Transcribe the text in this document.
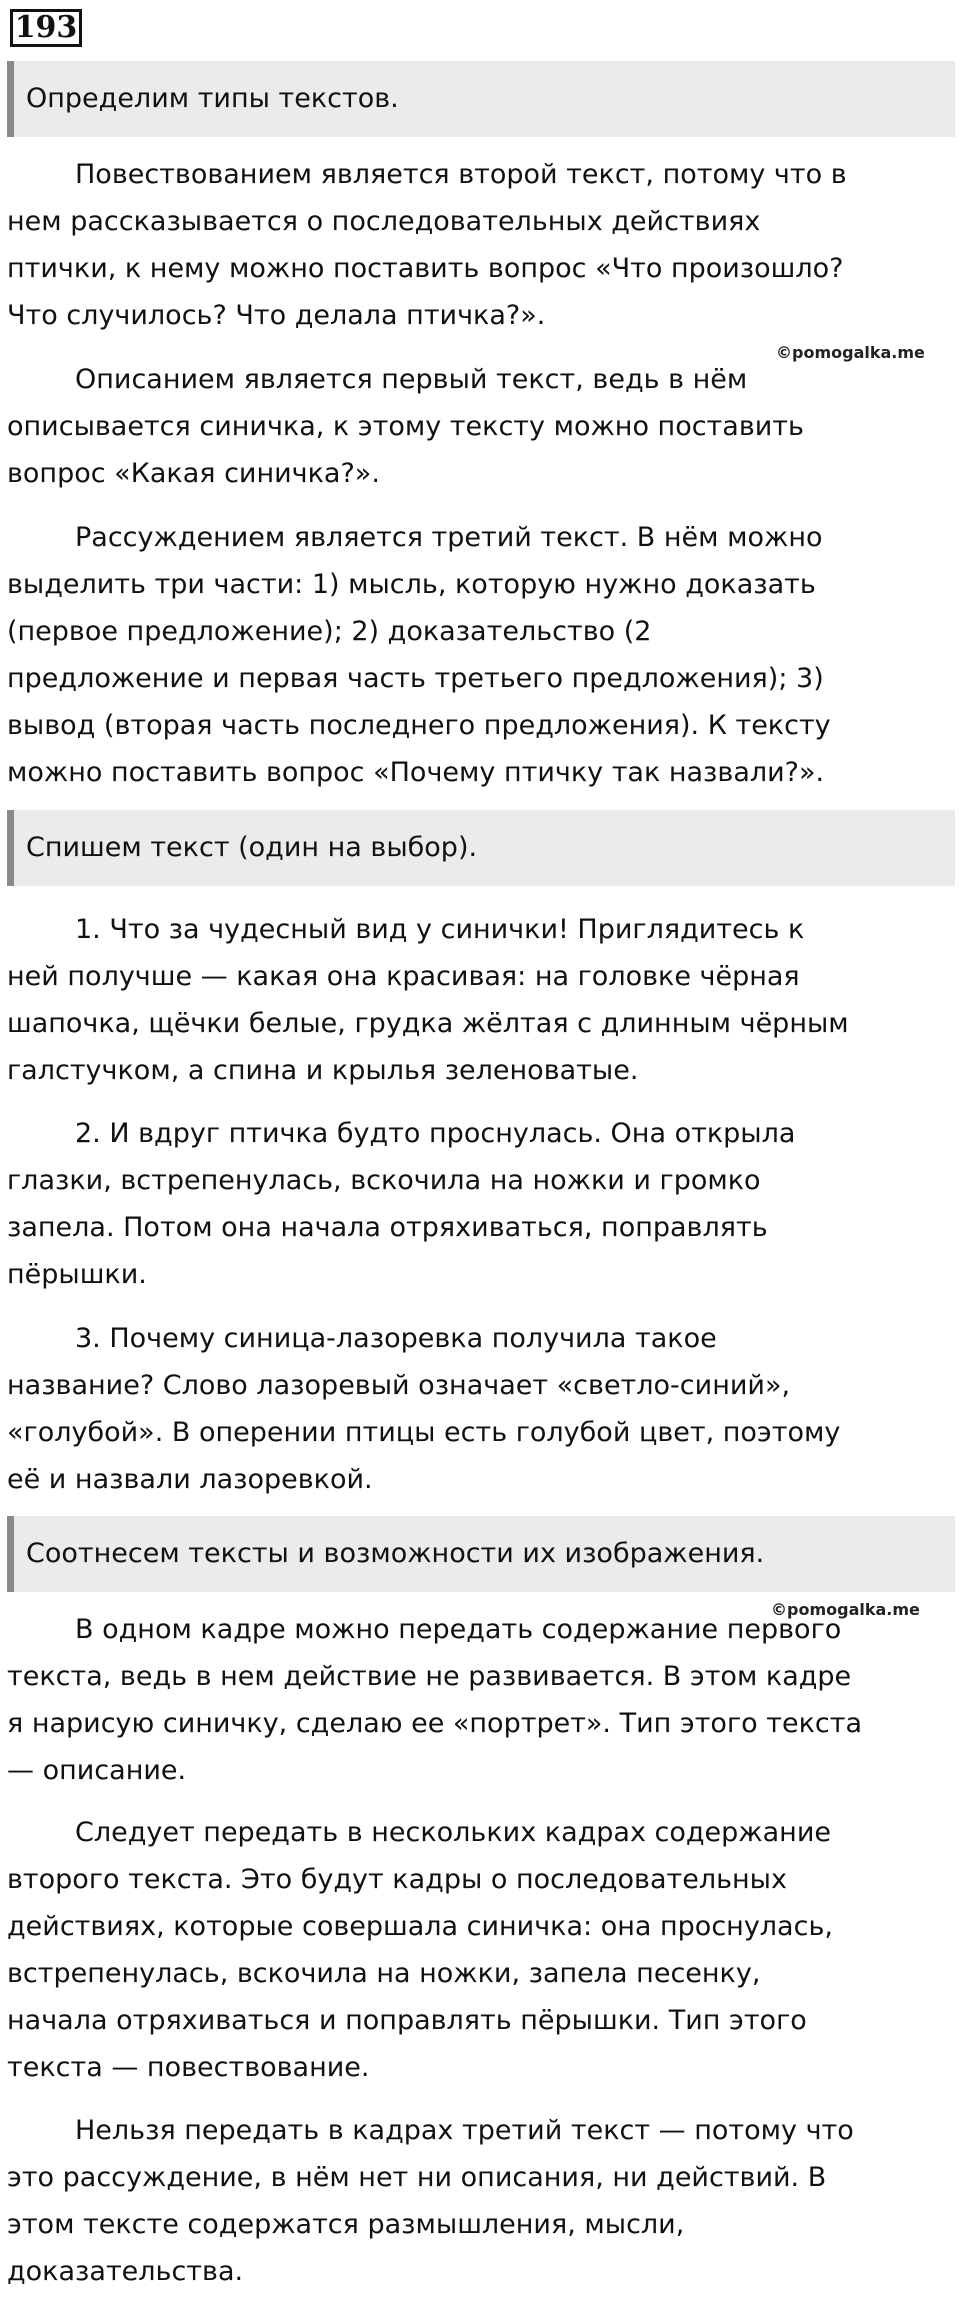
193
Определим типы текстов.

Повествованием является второй текст, потому что в
нем рассказывается о последовательных действиях
птички, к нему можно поставить вопрос «Что произошло?
Что случилось? Что делала птичка?».

©pomogalka.me

Описанием является первый текст, ведь в нём
описывается синичка, к этому тексту можно поставить
вопрос «Какая синичка?».

Рассуждением является третий текст. В нём можно
выделить три части: 1) мысль, которую нужно доказать
(первое предложение); 2) доказательство (2
предложение и первая часть третьего предложения); 3)
вывод (вторая часть последнего предложения). К тексту
можно поставить вопрос «Почему птичку так назвали?».

Спишем текст (один на выбор).

1. Что за чудесный вид у синички! Приглядитесь к
ней получше — какая она красивая: на головке чёрная
шапочка, щёчки белые, грудка жёлтая с длинным чёрным
галстучком, а спина и крылья зеленоватые.

2. И вдруг птичка будто проснулась. Она открыла
глазки, встрепенулась, вскочила на ножки и громко
запела. Потом она начала отряхиваться, поправлять
пёрышки.

3. Почему синица-лазоревка получила такое
название? Слово лазоревый означает «светло-синий»,
«голубой». В оперении птицы есть голубой цвет, поэтому
её и назвали лазоревкой.

Соотнесем тексты и возможности их изображения.
©pomogalka.me

В одном кадре можно передать содержание первого
текста, ведь в нем действие не развивается. В этом кадре
я нарисую синичку, сделаю ее «портрет». Тип этого текста
— описание.

Следует передать в нескольких кадрах содержание
второго текста. Это будут кадры о последовательных
действиях, которые совершала синичка: она проснулась,
встрепенулась, вскочила на ножки, запела песенку,
начала отряхиваться и поправлять пёрышки. Тип этого
текста — повествование.

Нельзя передать в кадрах третий текст — потому что
это рассуждение, в нём нет ни описания, ни действий. В
этом тексте содержатся размышления, мысли,
доказательства.
